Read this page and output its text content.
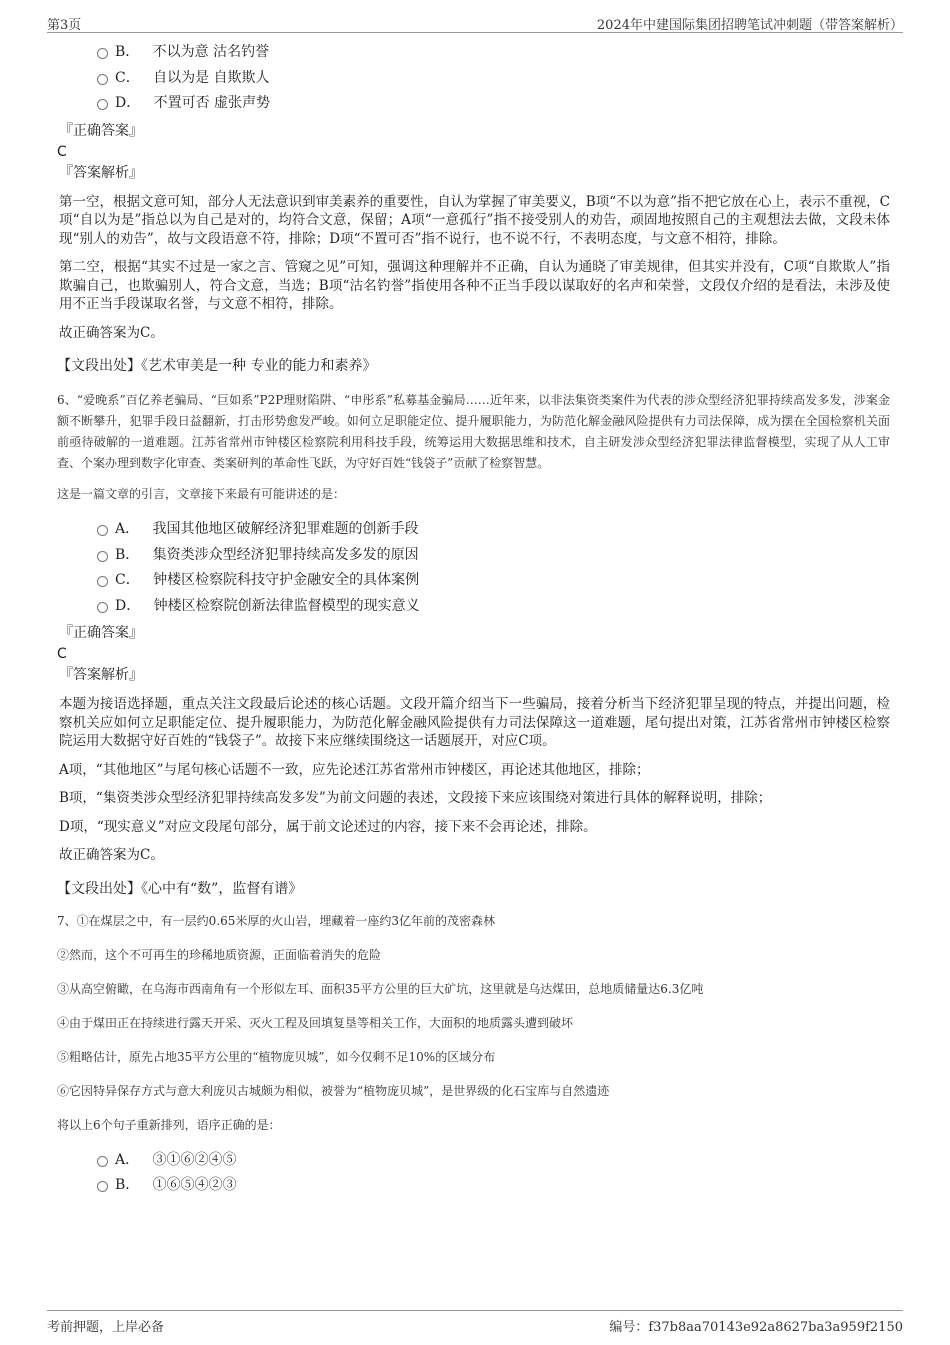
第3页	2024年中建国际集团招聘笔试冲刺题（带答案解析）
B． 不以为意 沽名钓誉
C． 自以为是 自欺欺人
D． 不置可否 虚张声势
『正确答案』
C
『答案解析』
第一空，根据文意可知，部分人无法意识到审美素养的重要性，自认为掌握了审美要义，B项“不以为意”指不把它放在心上，表示不重视，C项“自以为是”指总以为自己是对的，均符合文意，保留；A项“一意孤行”指不接受别人的劝告，顽固地按照自己的主观想法去做，文段未体现“别人的劝告”，故与文段语意不符，排除；D项“不置可否”指不说行，也不说不行，不表明态度，与文意不相符，排除。
第二空，根据“其实不过是一家之言、管窥之见”可知，强调这种理解并不正确，自认为通晓了审美规律，但其实并没有，C项“自欺欺人”指欺骗自己，也欺骗别人，符合文意，当选；B项“沽名钓誉”指使用各种不正当手段以谋取好的名声和荣誉，文段仅介绍的是看法，未涉及使用不正当手段谋取名誉，与文意不相符，排除。
故正确答案为C。
【文段出处】《艺术审美是一种 专业的能力和素养》
6、“爱晚系”百亿养老骗局、“巨如系”P2P理财陷阱、“申彤系”私募基金骗局……近年来，以非法集资类案件为代表的涉众型经济犯罪持续高发多发，涉案金额不断攀升，犯罪手段日益翻新，打击形势愈发严峻。如何立足职能定位、提升履职能力，为防范化解金融风险提供有力司法保障，成为摆在全国检察机关面前亟待破解的一道难题。江苏省常州市钟楼区检察院利用科技手段，统筹运用大数据思维和技术，自主研发涉众型经济犯罪法律监督模型，实现了从人工审查、个案办理到数字化审查、类案研判的革命性飞跃，为守好百姓“钱袋子”贡献了检察智慧。
这是一篇文章的引言，文章接下来最有可能讲述的是：
A． 我国其他地区破解经济犯罪难题的创新手段
B． 集资类涉众型经济犯罪持续高发多发的原因
C． 钟楼区检察院科技守护金融安全的具体案例
D． 钟楼区检察院创新法律监督模型的现实意义
『正确答案』
C
『答案解析』
本题为接语选择题，重点关注文段最后论述的核心话题。文段开篇介绍当下一些骗局，接着分析当下经济犯罪呈现的特点，并提出问题，检察机关应如何立足职能定位、提升履职能力，为防范化解金融风险提供有力司法保障这一道难题，尾句提出对策，江苏省常州市钟楼区检察院运用大数据守好百姓的“钱袋子”。故接下来应继续围绕这一话题展开，对应C项。
A项，“其他地区”与尾句核心话题不一致，应先论述江苏省常州市钟楼区，再论述其他地区，排除；
B项，“集资类涉众型经济犯罪持续高发多发”为前文问题的表述，文段接下来应该围绕对策进行具体的解释说明，排除；
D项，“现实意义”对应文段尾句部分，属于前文论述过的内容，接下来不会再论述，排除。
故正确答案为C。
【文段出处】《心中有“数”，监督有谱》
7、①在煤层之中，有一层约0.65米厚的火山岩，埋藏着一座约3亿年前的茂密森林
②然而，这个不可再生的珍稀地质资源，正面临着消失的危险
③从高空俯瞰，在乌海市西南角有一个形似左耳、面积35平方公里的巨大矿坑，这里就是乌达煤田，总地质储量达6.3亿吨
④由于煤田正在持续进行露天开采、灭火工程及回填复垦等相关工作，大面积的地质露头遭到破坏
⑤粗略估计，原先占地35平方公里的“植物庞贝城”，如今仅剩不足10%的区域分布
⑥它因特异保存方式与意大利庞贝古城颇为相似，被誉为“植物庞贝城”，是世界级的化石宝库与自然遗迹
将以上6个句子重新排列，语序正确的是：
A． ③①⑥②④⑤
B． ①⑥⑤④②③
考前押题，上岸必备	编号：f37b8aa70143e92a8627ba3a959f2150
